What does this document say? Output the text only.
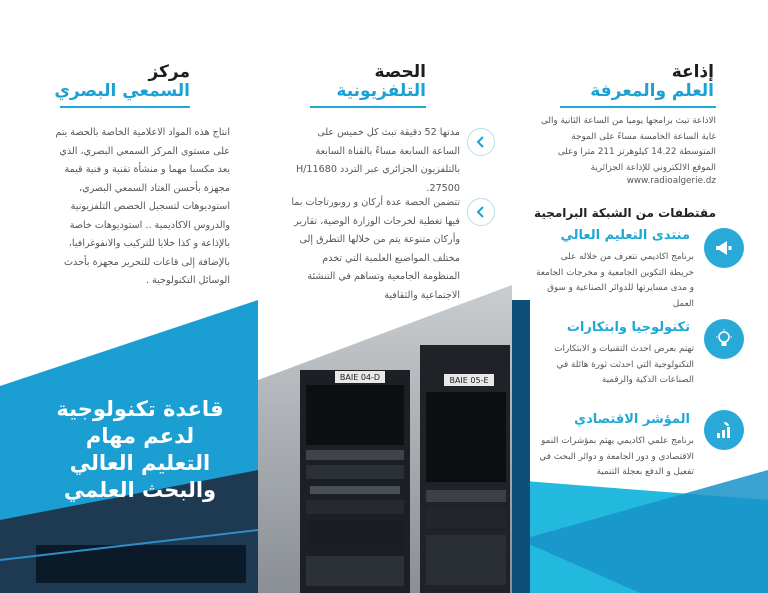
مركز
السمعي البصري
انتاج هذه المواد الاعلامية الخاصة بالحصة يتم على مستوى المركز السمعي البصري، الذي يعد مكسبا مهما و منشأة تقنية و فنية قيمة مجهزة بأحسن العتاد السمعي البصري، استوديوهات لتسجيل الحصص التلفزيونية والدروس الاكاديمية .. استوديوهات خاصة بالإذاعة و كذا خلايا للتركيب والانفوغرافيا، بالإضافة إلى قاعات للتحرير مجهزة بأحدث الوسائل التكنولوجية .
الحصة
التلفزيونية
مدتها 52 دقيقة تبث كل خميس على الساعة السابعة مساءً بالقناة السابعة بالتلفزيون الجزائري عبر التردد H/11680 27500.
تتضمن الحصة عدة أركان و روبورتاجات بما فيها تغطية لخرجات الوزارة الوصية، تقارير وأركان متنوعة يتم من خلالها التطرق إلى مختلف المواضيع العلمية التي تخدم المنظومة الجامعية وتساهم في التنشئة الاجتماعية والثقافية
إذاعة
العلم والمعرفة
الاذاعة تبث برامجها يوميا من الساعة الثانية والى غاية الساعة الخامسة مساءً على الموجة المتوسطة 14.22 كيلوهرتز 211 مترا وعلى الموقع الالكتروني للإذاعة الجزائرية
www.radioalgerie.dz
مقتطفات من الشبكة البرامجية
منتدى التعليم العالي
برنامج اكاديمي نتعرف من خلاله على خريطة التكوين الجامعية و مخرجات الجامعة و مدى مسايرتها للدوائر الصناعية و سوق العمل
تكنولوجيا وابتكارات
تهتم بعرض احدث التقنيات و الابتكارات التكنولوجية التي احدثت ثورة هائلة في الصناعات الذكية والرقمية
المؤشر الاقتصادي
برنامج علمي اكاديمي يهتم بمؤشرات النمو الاقتصادي و دور الجامعة و دوائر البحث في تفعيل و الدفع بعجلة التنمية
BAIE 04-D	BAIE 05-E
قاعدة تكنولوجية
لدعم مهام
التعليم العالي
والبحث العلمي
